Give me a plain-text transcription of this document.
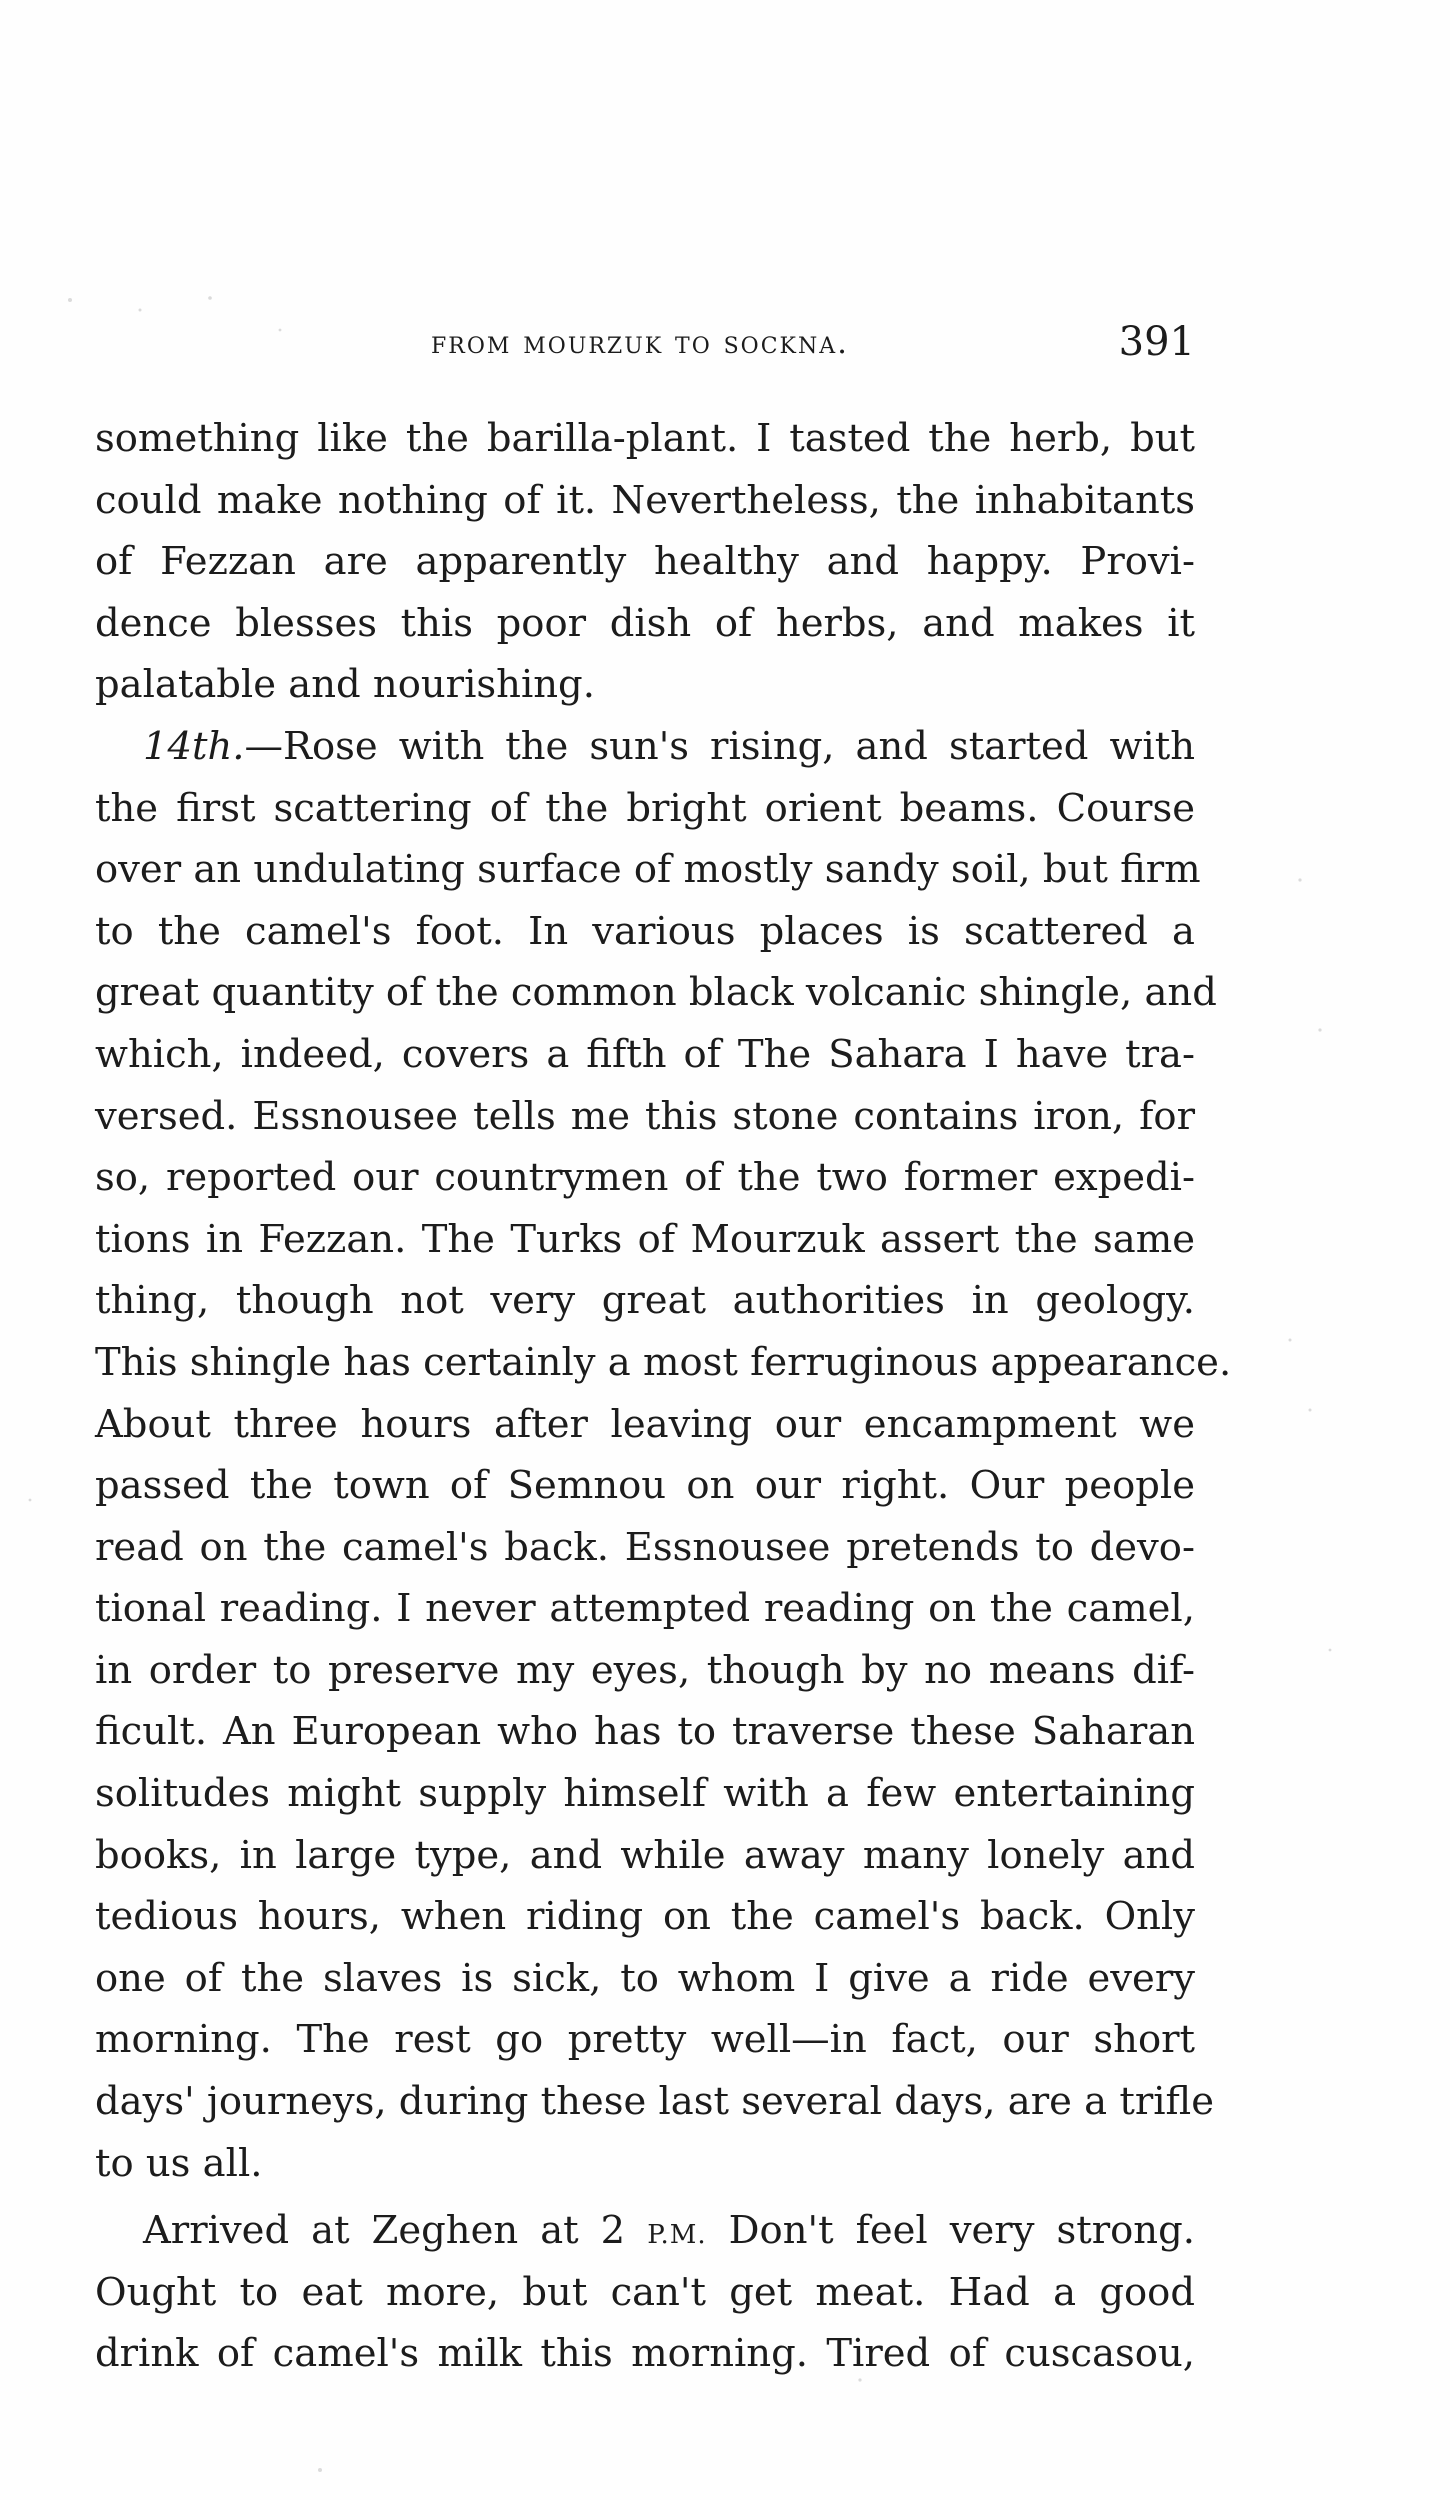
from mourzuk to sockna.	391
something like the barilla-plant. I tasted the herb, but
could make nothing of it. Nevertheless, the inhabitants
of Fezzan are apparently healthy and happy. Provi-
dence blesses this poor dish of herbs, and makes it
palatable and nourishing.
14th.—Rose with the sun's rising, and started with
the first scattering of the bright orient beams. Course
over an undulating surface of mostly sandy soil, but firm
to the camel's foot. In various places is scattered a
great quantity of the common black volcanic shingle, and
which, indeed, covers a fifth of The Sahara I have tra-
versed. Essnousee tells me this stone contains iron, for
so, reported our countrymen of the two former expedi-
tions in Fezzan. The Turks of Mourzuk assert the same
thing, though not very great authorities in geology.
This shingle has certainly a most ferruginous appearance.
About three hours after leaving our encampment we
passed the town of Semnou on our right. Our people
read on the camel's back. Essnousee pretends to devo-
tional reading. I never attempted reading on the camel,
in order to preserve my eyes, though by no means dif-
ficult. An European who has to traverse these Saharan
solitudes might supply himself with a few entertaining
books, in large type, and while away many lonely and
tedious hours, when riding on the camel's back. Only
one of the slaves is sick, to whom I give a ride every
morning. The rest go pretty well—in fact, our short
days' journeys, during these last several days, are a trifle
to us all.
Arrived at Zeghen at 2 P.M. Don't feel very strong.
Ought to eat more, but can't get meat. Had a good
drink of camel's milk this morning. Tired of cuscasou,
